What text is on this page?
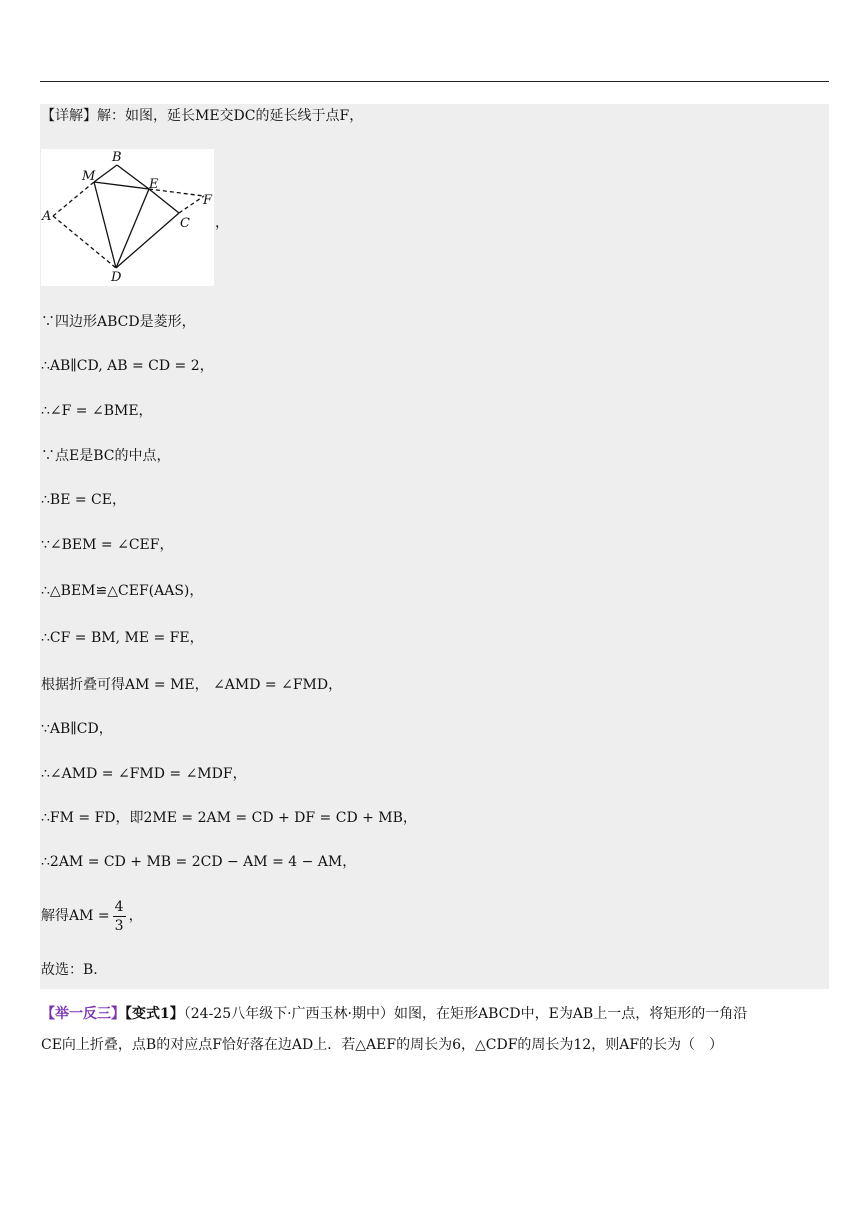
【详解】解：如图，延长ME交DC的延长线于点F，
B
M
E
F
A	C
D
，
∵四边形ABCD是菱形，
∴AB∥CD, AB = CD = 2，
∴∠F = ∠BME，
∵点E是BC的中点，
∴BE = CE，
∵∠BEM = ∠CEF，
∴△BEM≌△CEF(AAS)，
∴CF = BM, ME = FE，
根据折叠可得AM = ME， ∠AMD = ∠FMD，
∵AB∥CD，
∴∠AMD = ∠FMD = ∠MDF，
∴FM = FD，即2ME = 2AM = CD + DF = CD + MB，
∴2AM = CD + MB = 2CD − AM = 4 − AM，
解得AM = $\frac{4}{3}$ ，
故选：B.
【举一反三】【变式1】（24-25八年级下·广西玉林·期中）如图，在矩形ABCD中，E为AB上一点，将矩形的一角沿
CE向上折叠，点B的对应点F恰好落在边AD上．若△AEF的周长为6，△CDF的周长为12，则AF的长为（　）
